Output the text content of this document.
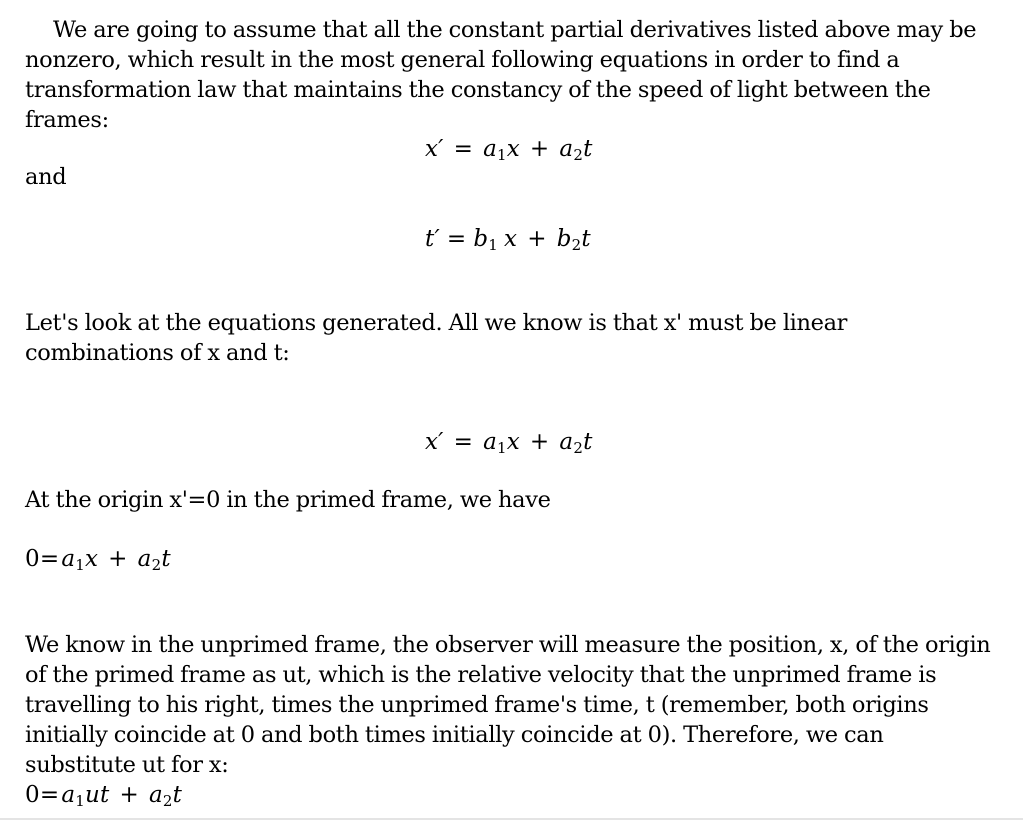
We are going to assume that all the constant partial derivatives listed above may be nonzero, which result in the most general following equations in order to find a transformation law that maintains the constancy of the speed of light between the frames:

$x' = a_1x + a_2t$

and

$t' = b_1$ $x + b_2t$

Let's look at the equations generated. All we know is that x' must be linear combinations of x and t:

$x' = a_1x + a_2t$

At the origin x'=0 in the primed frame, we have

$0=a_1x + a_2t$

We know in the unprimed frame, the observer will measure the position, x, of the origin of the primed frame as ut, which is the relative velocity that the unprimed frame is travelling to his right, times the unprimed frame's time, t (remember, both origins initially coincide at 0 and both times initially coincide at 0). Therefore, we can substitute ut for x:

$0=a_1ut + a_2t$
